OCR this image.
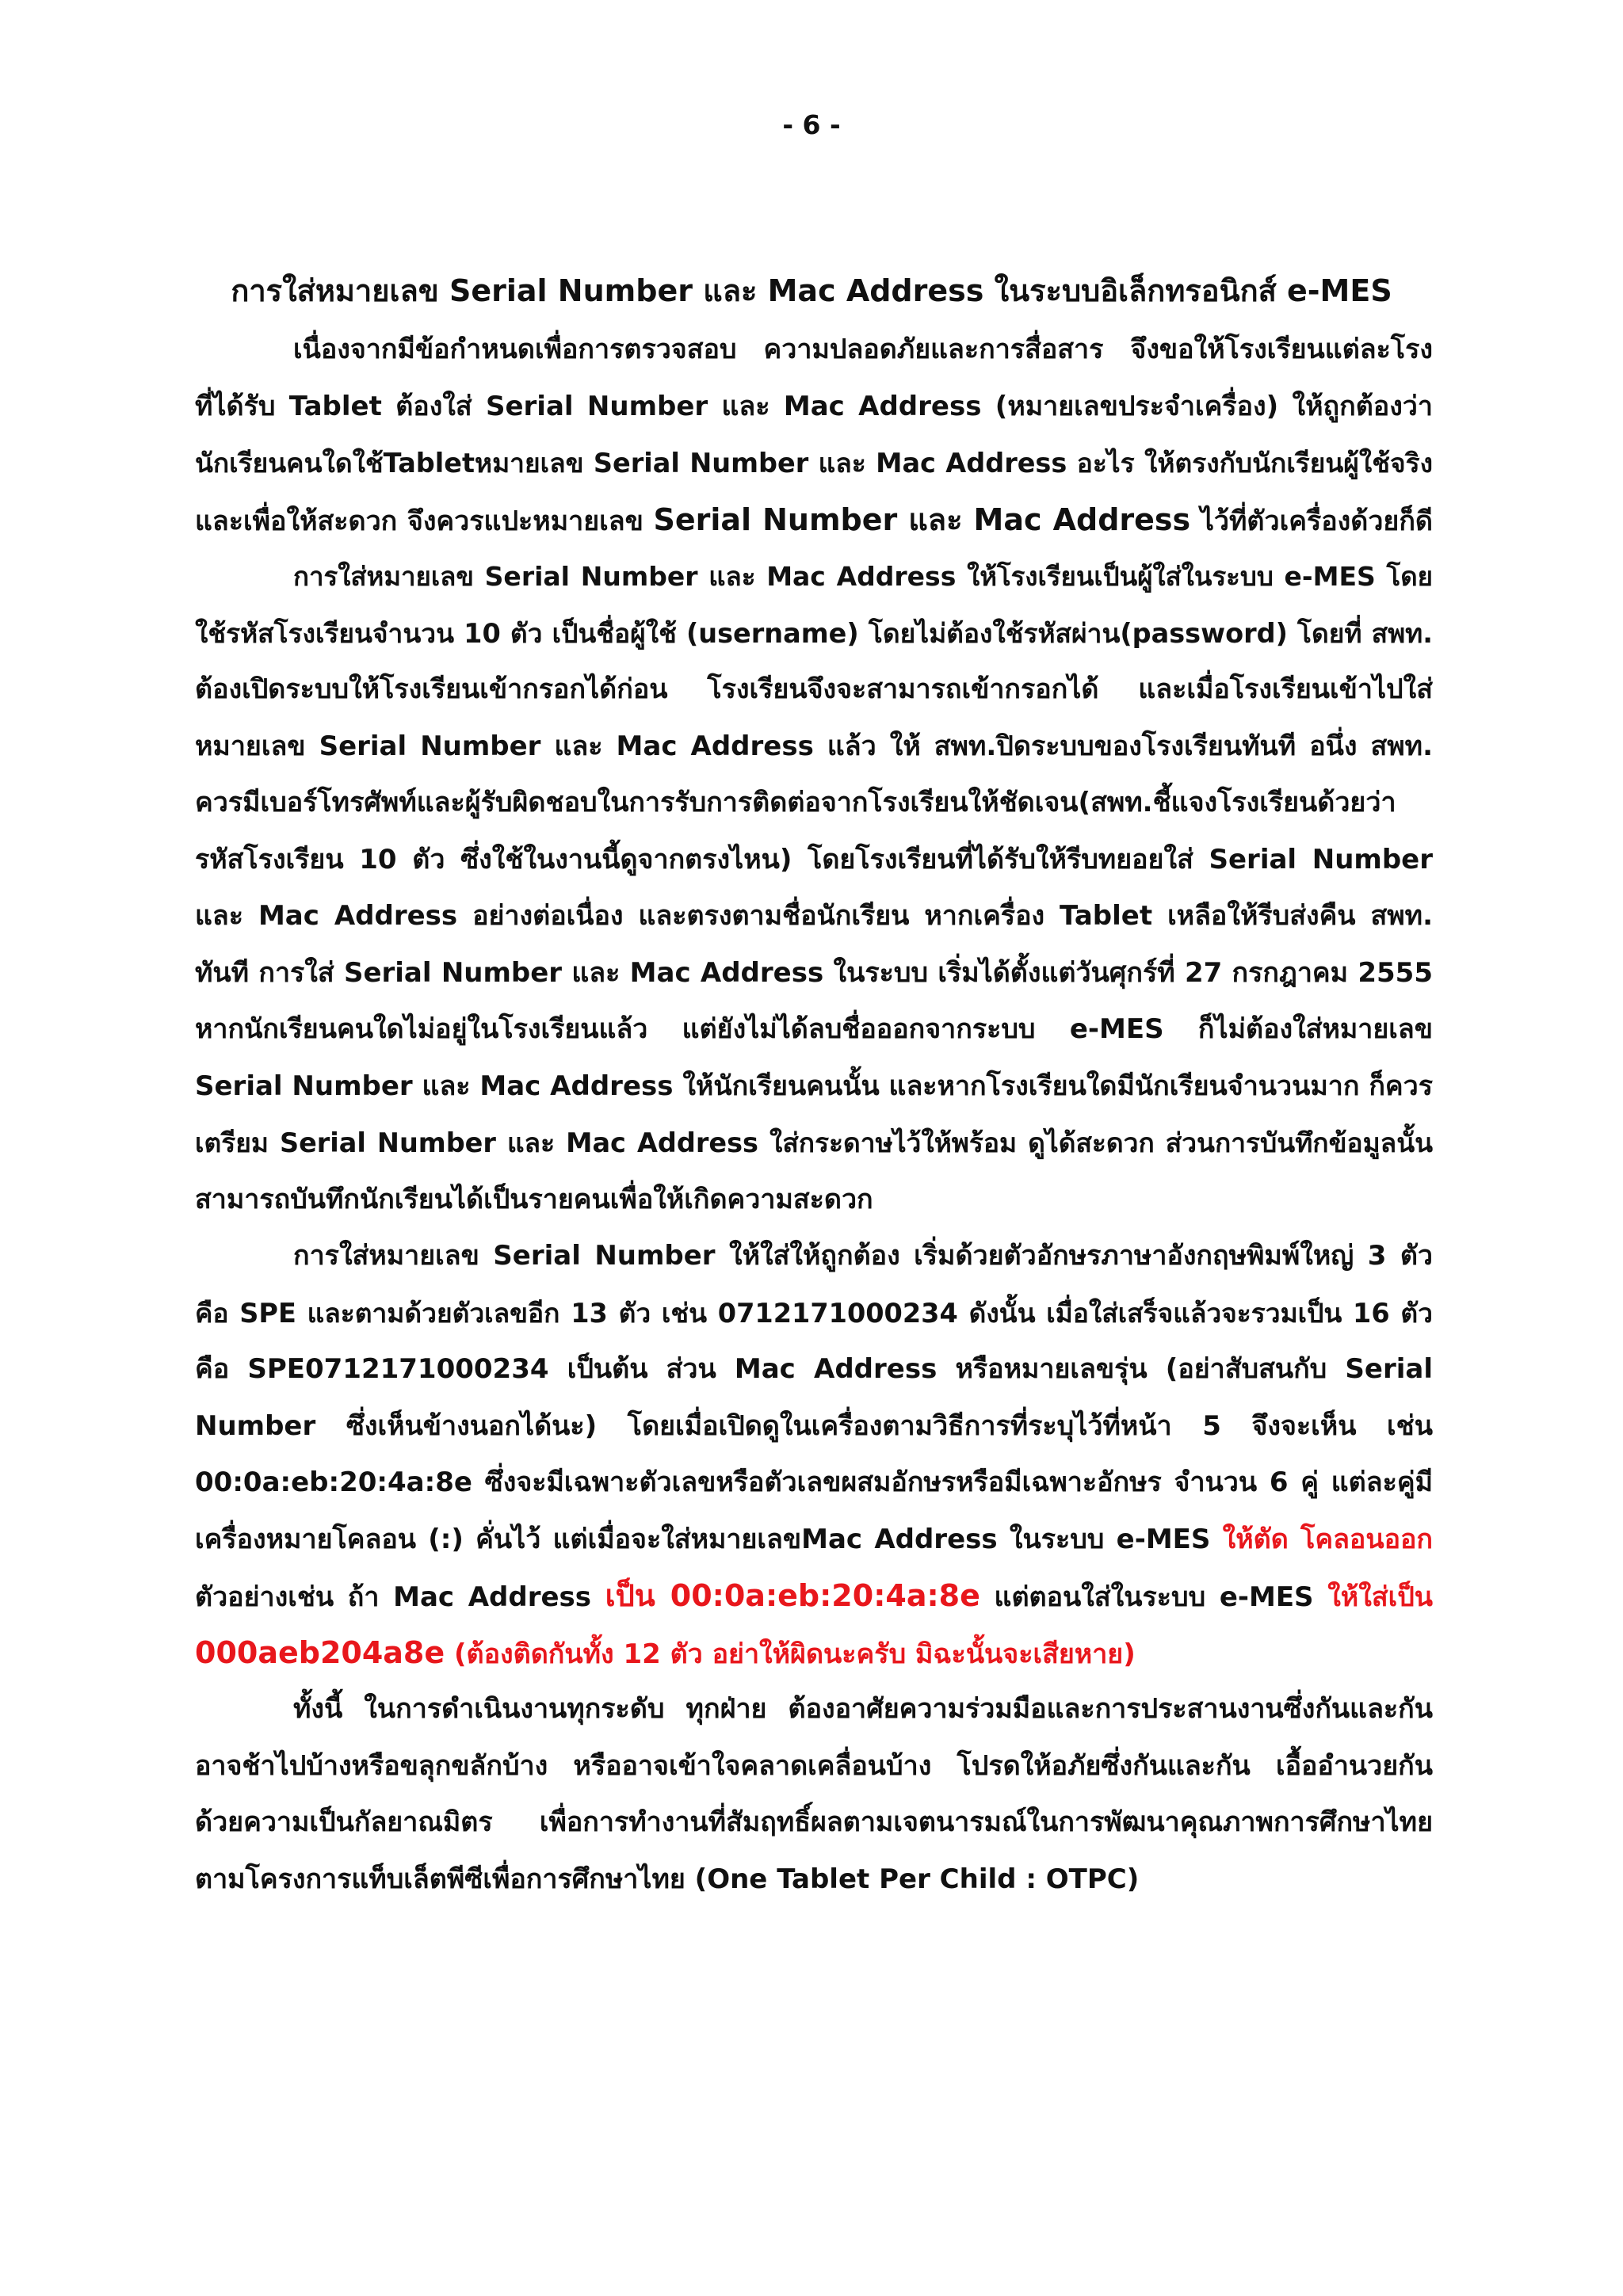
- 6 -
การใส่หมายเลข Serial Number และ Mac Address ในระบบอิเล็กทรอนิกส์ e-MES
เนื่องจากมีข้อกำหนดเพื่อการตรวจสอบ ความปลอดภัยและการสื่อสาร จึงขอให้โรงเรียนแต่ละโรง
ที่ได้รับ Tablet ต้องใส่ Serial Number และ Mac Address (หมายเลขประจำเครื่อง) ให้ถูกต้องว่า
นักเรียนคนใดใช้Tabletหมายเลข Serial Number และ Mac Address อะไร ให้ตรงกับนักเรียนผู้ใช้จริง
และเพื่อให้สะดวก จึงควรแปะหมายเลข Serial Number และ Mac Address ไว้ที่ตัวเครื่องด้วยก็ดี
การใส่หมายเลข Serial Number และ Mac Address ให้โรงเรียนเป็นผู้ใส่ในระบบ e-MES โดย
ใช้รหัสโรงเรียนจำนวน 10 ตัว เป็นชื่อผู้ใช้ (username) โดยไม่ต้องใช้รหัสผ่าน(password) โดยที่ สพท.
ต้องเปิดระบบให้โรงเรียนเข้ากรอกได้ก่อน โรงเรียนจึงจะสามารถเข้ากรอกได้ และเมื่อโรงเรียนเข้าไปใส่
หมายเลข Serial Number และ Mac Address แล้ว ให้ สพท.ปิดระบบของโรงเรียนทันที อนึ่ง สพท.
ควรมีเบอร์โทรศัพท์และผู้รับผิดชอบในการรับการติดต่อจากโรงเรียนให้ชัดเจน(สพท.ชี้แจงโรงเรียนด้วยว่า
รหัสโรงเรียน 10 ตัว ซึ่งใช้ในงานนี้ดูจากตรงไหน) โดยโรงเรียนที่ได้รับให้รีบทยอยใส่ Serial Number
และ Mac Address อย่างต่อเนื่อง และตรงตามชื่อนักเรียน หากเครื่อง Tablet เหลือให้รีบส่งคืน สพท.
ทันที การใส่ Serial Number และ Mac Address ในระบบ เริ่มได้ตั้งแต่วันศุกร์ที่ 27 กรกฎาคม 2555
หากนักเรียนคนใดไม่อยู่ในโรงเรียนแล้ว แต่ยังไม่ได้ลบชื่อออกจากระบบ e-MES ก็ไม่ต้องใส่หมายเลข
Serial Number และ Mac Address ให้นักเรียนคนนั้น และหากโรงเรียนใดมีนักเรียนจำนวนมาก ก็ควร
เตรียม Serial Number และ Mac Address ใส่กระดาษไว้ให้พร้อม ดูได้สะดวก ส่วนการบันทึกข้อมูลนั้น
สามารถบันทึกนักเรียนได้เป็นรายคนเพื่อให้เกิดความสะดวก
การใส่หมายเลข Serial Number ให้ใส่ให้ถูกต้อง เริ่มด้วยตัวอักษรภาษาอังกฤษพิมพ์ใหญ่ 3 ตัว
คือ SPE และตามด้วยตัวเลขอีก 13 ตัว เช่น 0712171000234 ดังนั้น เมื่อใส่เสร็จแล้วจะรวมเป็น 16 ตัว
คือ SPE0712171000234 เป็นต้น ส่วน Mac Address หรือหมายเลขรุ่น (อย่าสับสนกับ Serial
Number ซึ่งเห็นข้างนอกได้นะ) โดยเมื่อเปิดดูในเครื่องตามวิธีการที่ระบุไว้ที่หน้า 5 จึงจะเห็น เช่น
00:0a:eb:20:4a:8e ซึ่งจะมีเฉพาะตัวเลขหรือตัวเลขผสมอักษรหรือมีเฉพาะอักษร จำนวน 6 คู่ แต่ละคู่มี
เครื่องหมายโคลอน (:) คั่นไว้ แต่เมื่อจะใส่หมายเลขMac Address ในระบบ e-MES ให้ตัด โคลอนออก
ตัวอย่างเช่น ถ้า Mac Address เป็น 00:0a:eb:20:4a:8e แต่ตอนใส่ในระบบ e-MES ให้ใส่เป็น
000aeb204a8e (ต้องติดกันทั้ง 12 ตัว อย่าให้ผิดนะครับ มิฉะนั้นจะเสียหาย)
ทั้งนี้ ในการดำเนินงานทุกระดับ ทุกฝ่าย ต้องอาศัยความร่วมมือและการประสานงานซึ่งกันและกัน
อาจช้าไปบ้างหรือขลุกขลักบ้าง หรืออาจเข้าใจคลาดเคลื่อนบ้าง โปรดให้อภัยซึ่งกันและกัน เอื้ออำนวยกัน
ด้วยความเป็นกัลยาณมิตร เพื่อการทำงานที่สัมฤทธิ์ผลตามเจตนารมณ์ในการพัฒนาคุณภาพการศึกษาไทย
ตามโครงการแท็บเล็ตพีซีเพื่อการศึกษาไทย (One Tablet Per Child : OTPC)
